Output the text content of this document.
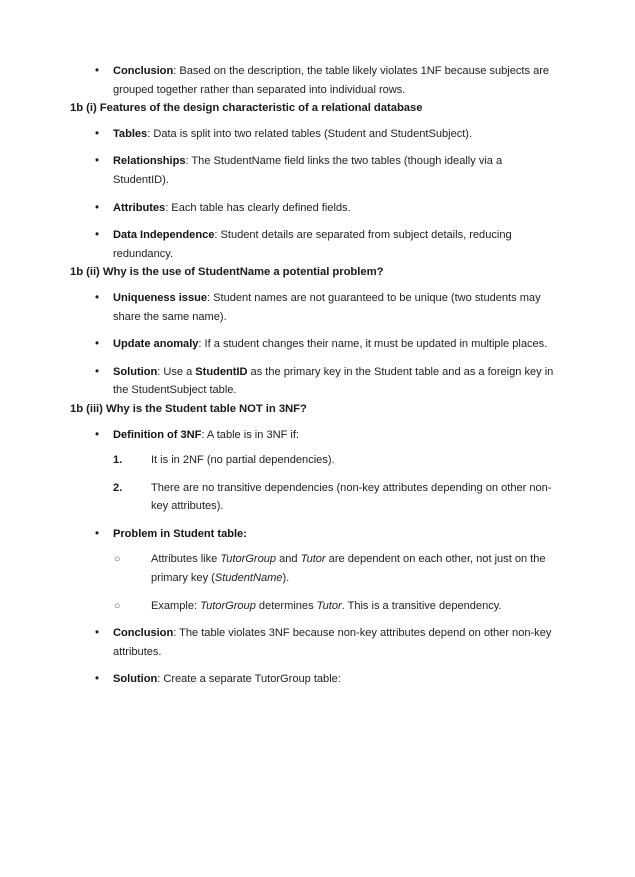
•	Conclusion: Based on the description, the table likely violates 1NF because subjects are grouped together rather than separated into individual rows.
1b (i) Features of the design characteristic of a relational database
•	Tables: Data is split into two related tables (Student and StudentSubject).
•	Relationships: The StudentName field links the two tables (though ideally via a StudentID).
•	Attributes: Each table has clearly defined fields.
•	Data Independence: Student details are separated from subject details, reducing redundancy.
1b (ii) Why is the use of StudentName a potential problem?
•	Uniqueness issue: Student names are not guaranteed to be unique (two students may share the same name).
•	Update anomaly: If a student changes their name, it must be updated in multiple places.
•	Solution: Use a StudentID as the primary key in the Student table and as a foreign key in the StudentSubject table.
1b (iii) Why is the Student table NOT in 3NF?
•	Definition of 3NF: A table is in 3NF if:
1.	It is in 2NF (no partial dependencies).
2.	There are no transitive dependencies (non-key attributes depending on other non-key attributes).
•	Problem in Student table:
○	Attributes like TutorGroup and Tutor are dependent on each other, not just on the primary key (StudentName).
○	Example: TutorGroup determines Tutor. This is a transitive dependency.
•	Conclusion: The table violates 3NF because non-key attributes depend on other non-key attributes.
•	Solution: Create a separate TutorGroup table:
